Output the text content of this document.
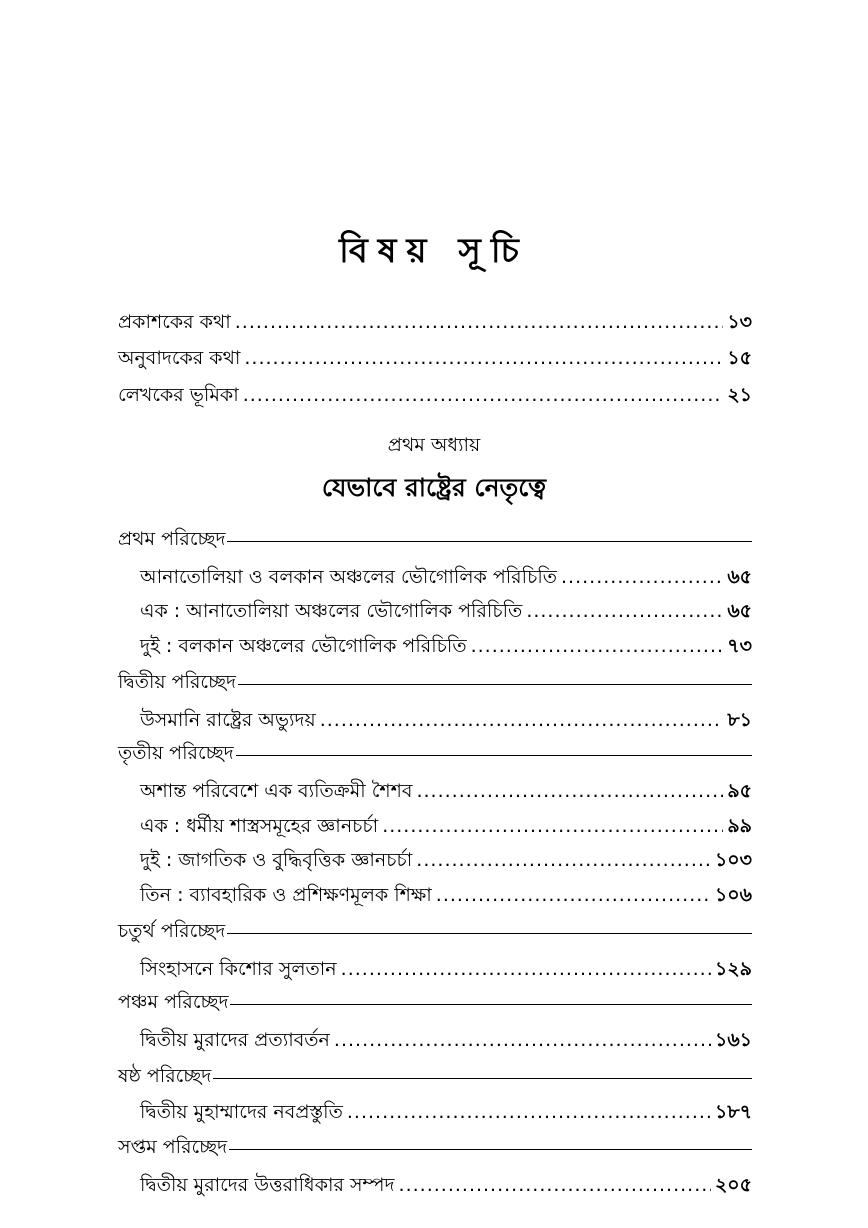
বিষয় সূচি
প্রকাশকের কথা .....	১৩
অনুবাদকের কথা .....	১৫
লেখকের ভূমিকা .....	২১
প্রথম অধ্যায়
যেভাবে রাষ্ট্রের নেতৃত্বে
প্রথম পরিচ্ছেদ
আনাতোলিয়া ও বলকান অঞ্চলের ভৌগোলিক পরিচিতি .....	৬৫
এক : আনাতোলিয়া অঞ্চলের ভৌগোলিক পরিচিতি .....	৬৫
দুই : বলকান অঞ্চলের ভৌগোলিক পরিচিতি .....	৭৩
দ্বিতীয় পরিচ্ছেদ
উসমানি রাষ্ট্রের অভ্যুদয় .....	৮১
তৃতীয় পরিচ্ছেদ
অশান্ত পরিবেশে এক ব্যতিক্রমী শৈশব .....	৯৫
এক : ধর্মীয় শাস্ত্রসমূহের জ্ঞানচর্চা .....	৯৯
দুই : জাগতিক ও বুদ্ধিবৃত্তিক জ্ঞানচর্চা .....	১০৩
তিন : ব্যাবহারিক ও প্রশিক্ষণমূলক শিক্ষা .....	১০৬
চতুর্থ পরিচ্ছেদ
সিংহাসনে কিশোর সুলতান .....	১২৯
পঞ্চম পরিচ্ছেদ
দ্বিতীয় মুরাদের প্রত্যাবর্তন .....	১৬১
ষষ্ঠ পরিচ্ছেদ
দ্বিতীয় মুহাম্মাদের নবপ্রস্তুতি .....	১৮৭
সপ্তম পরিচ্ছেদ
দ্বিতীয় মুরাদের উত্তরাধিকার সম্পদ .....	২০৫
